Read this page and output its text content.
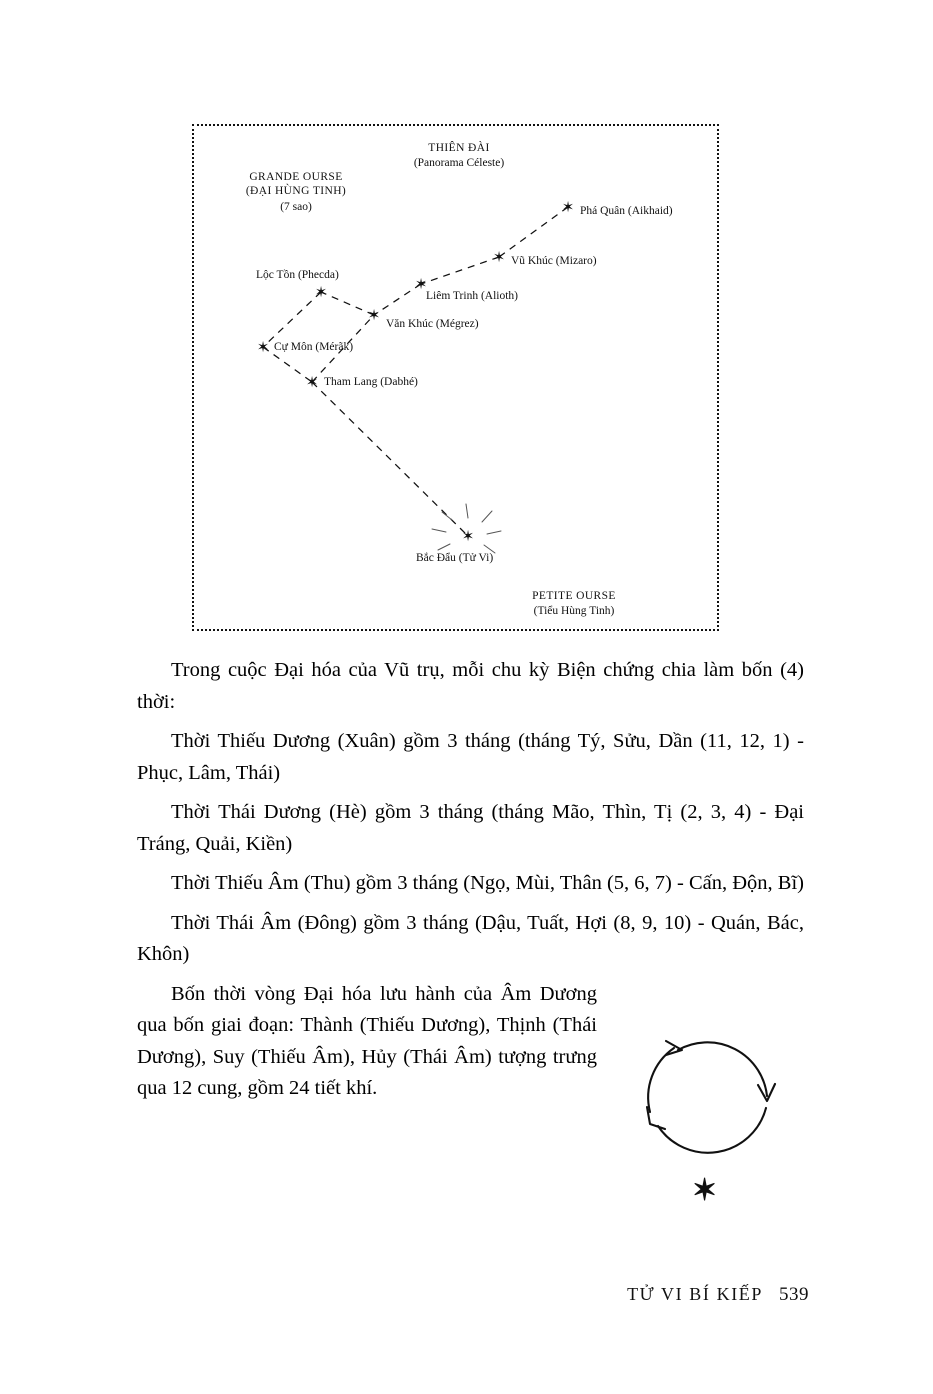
✶
✶
✶
✶
✶
✶
✶
✶
THIÊN ĐÀI
(Panorama Céleste)
GRANDE OURSE
(ĐẠI HÙNG TINH)
(7 sao)
PETITE OURSE
(Tiểu Hùng Tinh)
Phá Quân (Aikhaid)
Vũ Khúc (Mizaro)
Liêm Trinh (Alioth)
Lộc Tồn (Phecda)
Văn Khúc (Mégrez)
Cự Môn (Mérãk)
Tham Lang (Dabhé)
Bắc Đẩu (Tử Vi)

Trong cuộc Đại hóa của Vũ trụ, mỗi chu kỳ Biện chứng chia làm bốn (4) thời:

Thời Thiếu Dương (Xuân) gồm 3 tháng (tháng Tý, Sửu, Dần (11, 12, 1) - Phục, Lâm, Thái)

Thời Thái Dương (Hè) gồm 3 tháng (tháng Mão, Thìn, Tị (2, 3, 4) - Đại Tráng, Quải, Kiền)

Thời Thiếu Âm (Thu) gồm 3 tháng (Ngọ, Mùi, Thân (5, 6, 7) - Cấn, Độn, Bĩ)

Thời Thái Âm (Đông) gồm 3 tháng (Dậu, Tuất, Hợi (8, 9, 10) - Quán, Bác, Khôn)

Bốn thời vòng Đại hóa lưu hành của Âm Dương qua bốn giai đoạn: Thành (Thiếu Dương), Thịnh (Thái Dương), Suy (Thiếu Âm), Hủy (Thái Âm) tượng trưng qua 12 cung, gồm 24 tiết khí.

✶
TỬ VI BÍ KIẾP 539
